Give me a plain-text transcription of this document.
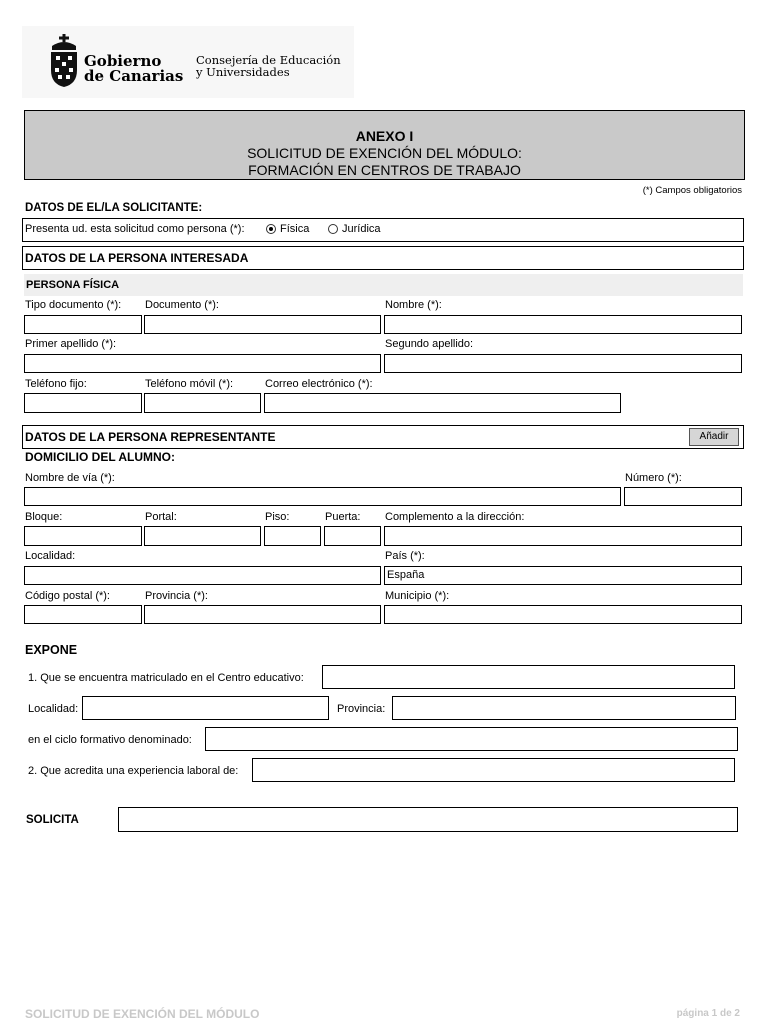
Gobierno
de Canarias
Consejería de Educación
y Universidades
ANEXO I
SOLICITUD DE EXENCIÓN DEL MÓDULO:
FORMACIÓN EN CENTROS DE TRABAJO
(*) Campos obligatorios
DATOS DE EL/LA SOLICITANTE:
Presenta ud. esta solicitud como persona (*):	Física	Jurídica
DATOS DE LA PERSONA INTERESADA
PERSONA FÍSICA
Tipo documento (*): Documento (*):	Nombre (*):
Primer apellido (*):	Segundo apellido:
Teléfono fijo:	Teléfono móvil (*):	Correo electrónico (*):
DATOS DE LA PERSONA REPRESENTANTE	Añadir
DOMICILIO DEL ALUMNO:
Nombre de vía (*):	Número (*):
Bloque:	Portal:	Piso:	Puerta: Complemento a la dirección:
Localidad:	País (*):
España
Código postal (*):	Provincia (*):	Municipio (*):
EXPONE
1. Que se encuentra matriculado en el Centro educativo:
Localidad:	Provincia:
en el ciclo formativo denominado:
2. Que acredita una experiencia laboral de:
SOLICITA
SOLICITUD DE EXENCIÓN DEL MÓDULO	página 1 de 2
